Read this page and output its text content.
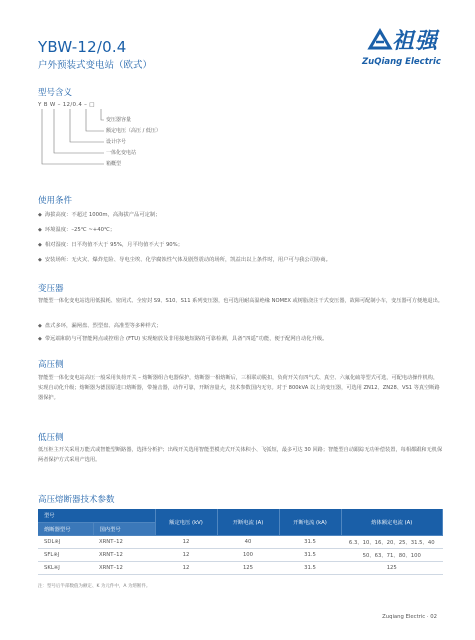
YBW-12/0.4
户外预装式变电站（欧式）
祖强
ZuQiang Electric
型号含义
Y B W – 12/0.4 – □
变压器容量
额定电压（高压 / 低压）
设计序号
一体化变电站
箱概型
使用条件
◆ 海拔高度：不超过 1000m，高海拔产品可定制；
◆ 环境温度：–25℃ ~+40℃；
◆ 相对湿度：日平均值不大于 95%，月平均值不大于 90%；
◆ 安装场所：无火灾、爆炸危险、导电尘埃、化学腐蚀性气体及剧烈震动的场所，凯益出以上条件时，用户可与我公司协商。
变压器
智能型一体化变电站选用低损耗、密闭式、全密封 S9、S10、S11 系列变压器，也可选用耐高温绝缘 NOMEX 或树脂浇注干式变压器，故障可配制小车，变压器可方便地退出。
◆ 盘式多环，漏闸盘、烈型盘、高准型等多种样式；
◆ 带远端和防与可智能网点或控组合 (FTU) 实现缩放及非用接地短路的可靠检测，具备“四遥”功能，便于配网自动化升级。
高压侧
智能型一体化变电站高压一般采用负荷开关 – 熔断器组合电器保护，熔断器一相熔断后，三相联动脱扣，负荷开关有四气式、真空、六氟化硫等型式可选，可配电动操作机构，实现自动化升级；熔断器为德国原进口熔断器，带撞击器，动作可靠，开断容量大，技术参数国内无穷。对于 800kVA 以上的变压器，可选用 ZN12、ZN28、VS1 等真空断路器保护。
低压侧
低压柜主开关采用万能式或智能型断路器，选择分析护；出线开关选用智能型模壳式开关体积小、飞弧短，最多可达 30 回路；智能型自动跟踪无功补偿装置，每相都跟和无机保两者保护方式采用产选用。
高压熔断器技术参数
型号		额定电压 (kV)	开断电流 (A)	开断电流 (kA)	熔体额定电流 (A)
熔断器型号	国内型号				
SDL※J	XRNT–12	12	40	31.5	6.3、10、16、20、25、31.5、40
SFL※J	XRNT–12	12	100	31.5	50、63、71、80、100
SKL※J	XRNT–12	12	125	31.5	125
注：型号后半部数值为额定、K 为元件中，A 为熔断件。
Zuqiang Electric · 02
